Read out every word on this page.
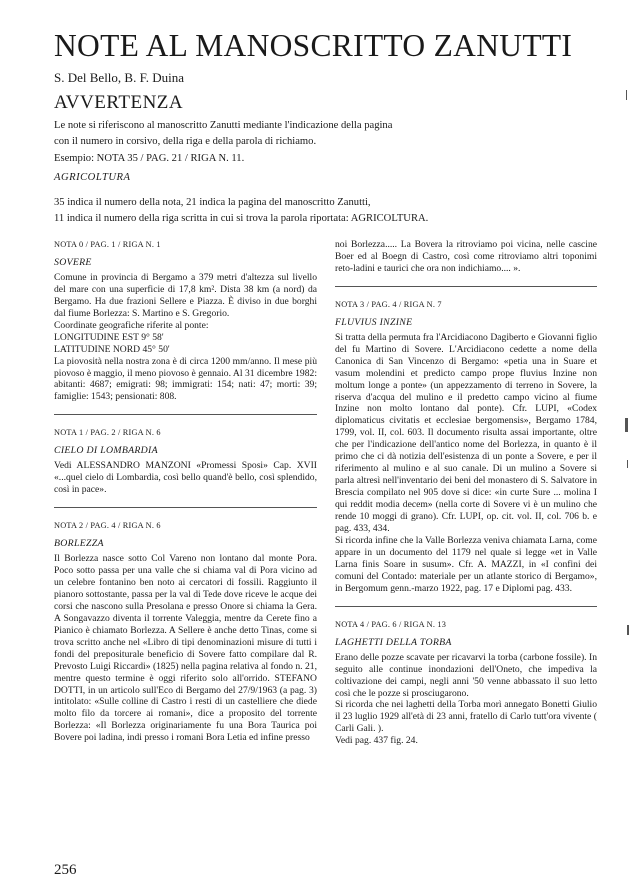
NOTE AL MANOSCRITTO ZANUTTI
S. Del Bello, B. F. Duina
AVVERTENZA

Le note si riferiscono al manoscritto Zanutti mediante l'indicazione della pagina

con il numero in corsivo, della riga e della parola di richiamo.

Esempio: NOTA 35 / PAG. 21 / RIGA N. 11.
AGRICOLTURA

35 indica il numero della nota, 21 indica la pagina del manoscritto Zanutti,

11 indica il numero della riga scritta in cui si trova la parola riportata: AGRICOLTURA.

NOTA 0 / PAG. 1 / RIGA N. 1
SOVERE

Comune in provincia di Bergamo a 379 metri d'altezza sul livello del mare con una superficie di 17,8 km². Dista 38 km (a nord) da Bergamo. Ha due frazioni Sellere e Piazza. È diviso in due borghi dal fiume Borlezza: S. Martino e S. Gregorio.

Coordinate geografiche riferite al ponte:

LONGITUDINE EST 9° 58'

LATITUDINE NORD 45° 50'

La piovosità nella nostra zona è di circa 1200 mm/anno. Il mese più piovoso è maggio, il meno piovoso è gennaio. Al 31 dicembre 1982: abitanti: 4687; emigrati: 98; immigrati: 154; nati: 47; morti: 39; famiglie: 1543; pensionati: 808.

NOTA 1 / PAG. 2 / RIGA N. 6
CIELO DI LOMBARDIA

Vedi ALESSANDRO MANZONI «Promessi Sposi» Cap. XVII «...quel cielo di Lombardia, così bello quand'è bello, così splendido, così in pace».

NOTA 2 / PAG. 4 / RIGA N. 6
BORLEZZA

Il Borlezza nasce sotto Col Vareno non lontano dal monte Pora. Poco sotto passa per una valle che si chiama val di Pora vicino ad un celebre fontanino ben noto ai cercatori di fossili. Raggiunto il pianoro sottostante, passa per la val di Tede dove riceve le acque dei corsi che nascono sulla Presolana e presso Onore si chiama la Gera. A Songavazzo diventa il torrente Valeggia, mentre da Cerete fino a Pianico è chiamato Borlezza. A Sellere è anche detto Tinas, come si trova scritto anche nel «Libro di tipi denominazioni misure di tutti i fondi del prepositurale beneficio di Sovere fatto compilare dal R. Prevosto Luigi Riccardi» (1825) nella pagina relativa al fondo n. 21, mentre questo termine è oggi riferito solo all'orrido. STEFANO DOTTI, in un articolo sull'Eco di Bergamo del 27/9/1963 (a pag. 3) intitolato: «Sulle colline di Castro i resti di un castelliere che diede molto filo da torcere ai romani», dice a proposito del torrente Borlezza: «Il Borlezza originariamente fu una Bora Taurica poi Bovere poi ladina, indi presso i romani Bora Letia ed infine presso

noi Borlezza..... La Bovera la ritroviamo poi vicina, nelle cascine Boer ed al Boegn di Castro, così come ritroviamo altri toponimi reto-ladini e taurici che ora non indichiamo.... ».

NOTA 3 / PAG. 4 / RIGA N. 7
FLUVIUS INZINE

Si tratta della permuta fra l'Arcidiacono Dagiberto e Giovanni figlio del fu Martino di Sovere. L'Arcidiacono cedette a nome della Canonica di San Vincenzo di Bergamo: «petia una in Suare et vasum molendini et predicto campo prope fluvius Inzine non moltum longe a ponte» (un appezzamento di terreno in Sovere, la riserva d'acqua del mulino e il predetto campo vicino al fiume Inzine non molto lontano dal ponte). Cfr. LUPI, «Codex diplomaticus civitatis et ecclesiae bergomensis», Bergamo 1784, 1799, vol. II, col. 603. Il documento risulta assai importante, oltre che per l'indicazione dell'antico nome del Borlezza, in quanto è il primo che ci dà notizia dell'esistenza di un ponte a Sovere, e per il riferimento al mulino e al suo canale. Di un mulino a Sovere si parla altresì nell'inventario dei beni del monastero di S. Salvatore in Brescia compilato nel 905 dove si dice: «in curte Sure ... molina I qui reddit modia decem» (nella corte di Sovere vi è un mulino che rende 10 moggi di grano). Cfr. LUPI, op. cit. vol. II, col. 706 b. e pag. 433, 434.

Si ricorda infine che la Valle Borlezza veniva chiamata Larna, come appare in un documento del 1179 nel quale si legge «et in Valle Larna finis Soare in susum». Cfr. A. MAZZI, in «I confini dei comuni del Contado: materiale per un atlante storico di Bergamo», in Bergomum genn.-marzo 1922, pag. 17 e Diplomi pag. 433.

NOTA 4 / PAG. 6 / RIGA N. 13
LAGHETTI DELLA TORBA

Erano delle pozze scavate per ricavarvi la torba (carbone fossile). In seguito alle continue inondazioni dell'Oneto, che impediva la coltivazione dei campi, negli anni '50 venne abbassato il suo letto così che le pozze si prosciugarono.

Si ricorda che nei laghetti della Torba morì annegato Bonetti Giulio il 23 luglio 1929 all'età di 23 anni, fratello di Carlo tutt'ora vivente ( Carli Gali. ).

Vedi pag. 437 fig. 24.

256
